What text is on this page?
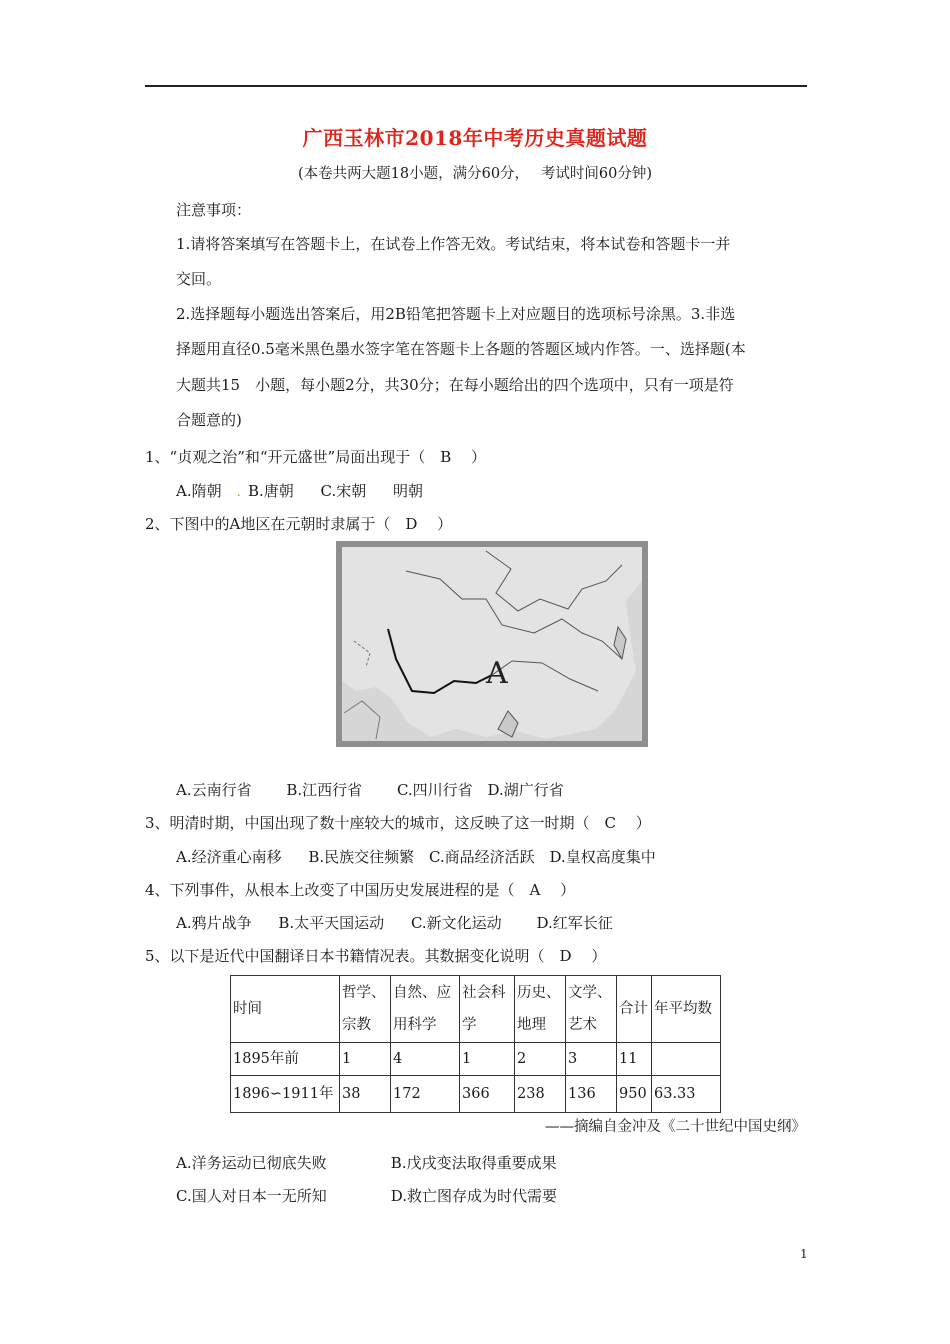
广西玉林市2018年中考历史真题试题
(本卷共两大题18小题，满分60分，　 考试时间60分钟)
注意事项：
1.请将答案填写在答题卡上，在试卷上作答无效。考试结束，将本试卷和答题卡一并
交回。
2.选择题每小题选出答案后，用2B铅笔把答题卡上对应题目的选项标号涂黑。3.非选
择题用直径0.5毫米黑色墨水签字笔在答题卡上各题的答题区域内作答。一、选择题(本
大题共15　小题，每小题2分，共30分；在每小题给出的四个选项中，只有一项是符
合题意的)
1、“贞观之治”和“开元盛世”局面出现于（　B　 ）
A.隋朝 . B.唐朝 C.宋朝 明朝
2、下图中的A地区在元朝时隶属于（　D　 ）
A
A.云南行省 B.江西行省 C.四川行省 D.湖广行省
3、明清时期，中国出现了数十座较大的城市，这反映了这一时期（　C　 ）
A.经济重心南移 B.民族交往频繁 C.商品经济活跃 D.皇权高度集中
4、下列事件，从根本上改变了中国历史发展进程的是（　A　 ）
A.鸦片战争 B.太平天国运动 C.新文化运动 D.红军长征
5、以下是近代中国翻译日本书籍情况表。其数据变化说明（　D　 ）
时间	哲学、宗教	自然、应用科学	社会科学	历史、地理	文学、艺术	合计	年平均数
1895年前	1	4	1	2	3	11	
1896∽1911年	38	172	366	238	136	950	63.33
——摘编自金冲及《二十世纪中国史纲》
A.洋务运动已彻底失败	B.戊戌变法取得重要成果
C.国人对日本一无所知	D.救亡图存成为时代需要
1
